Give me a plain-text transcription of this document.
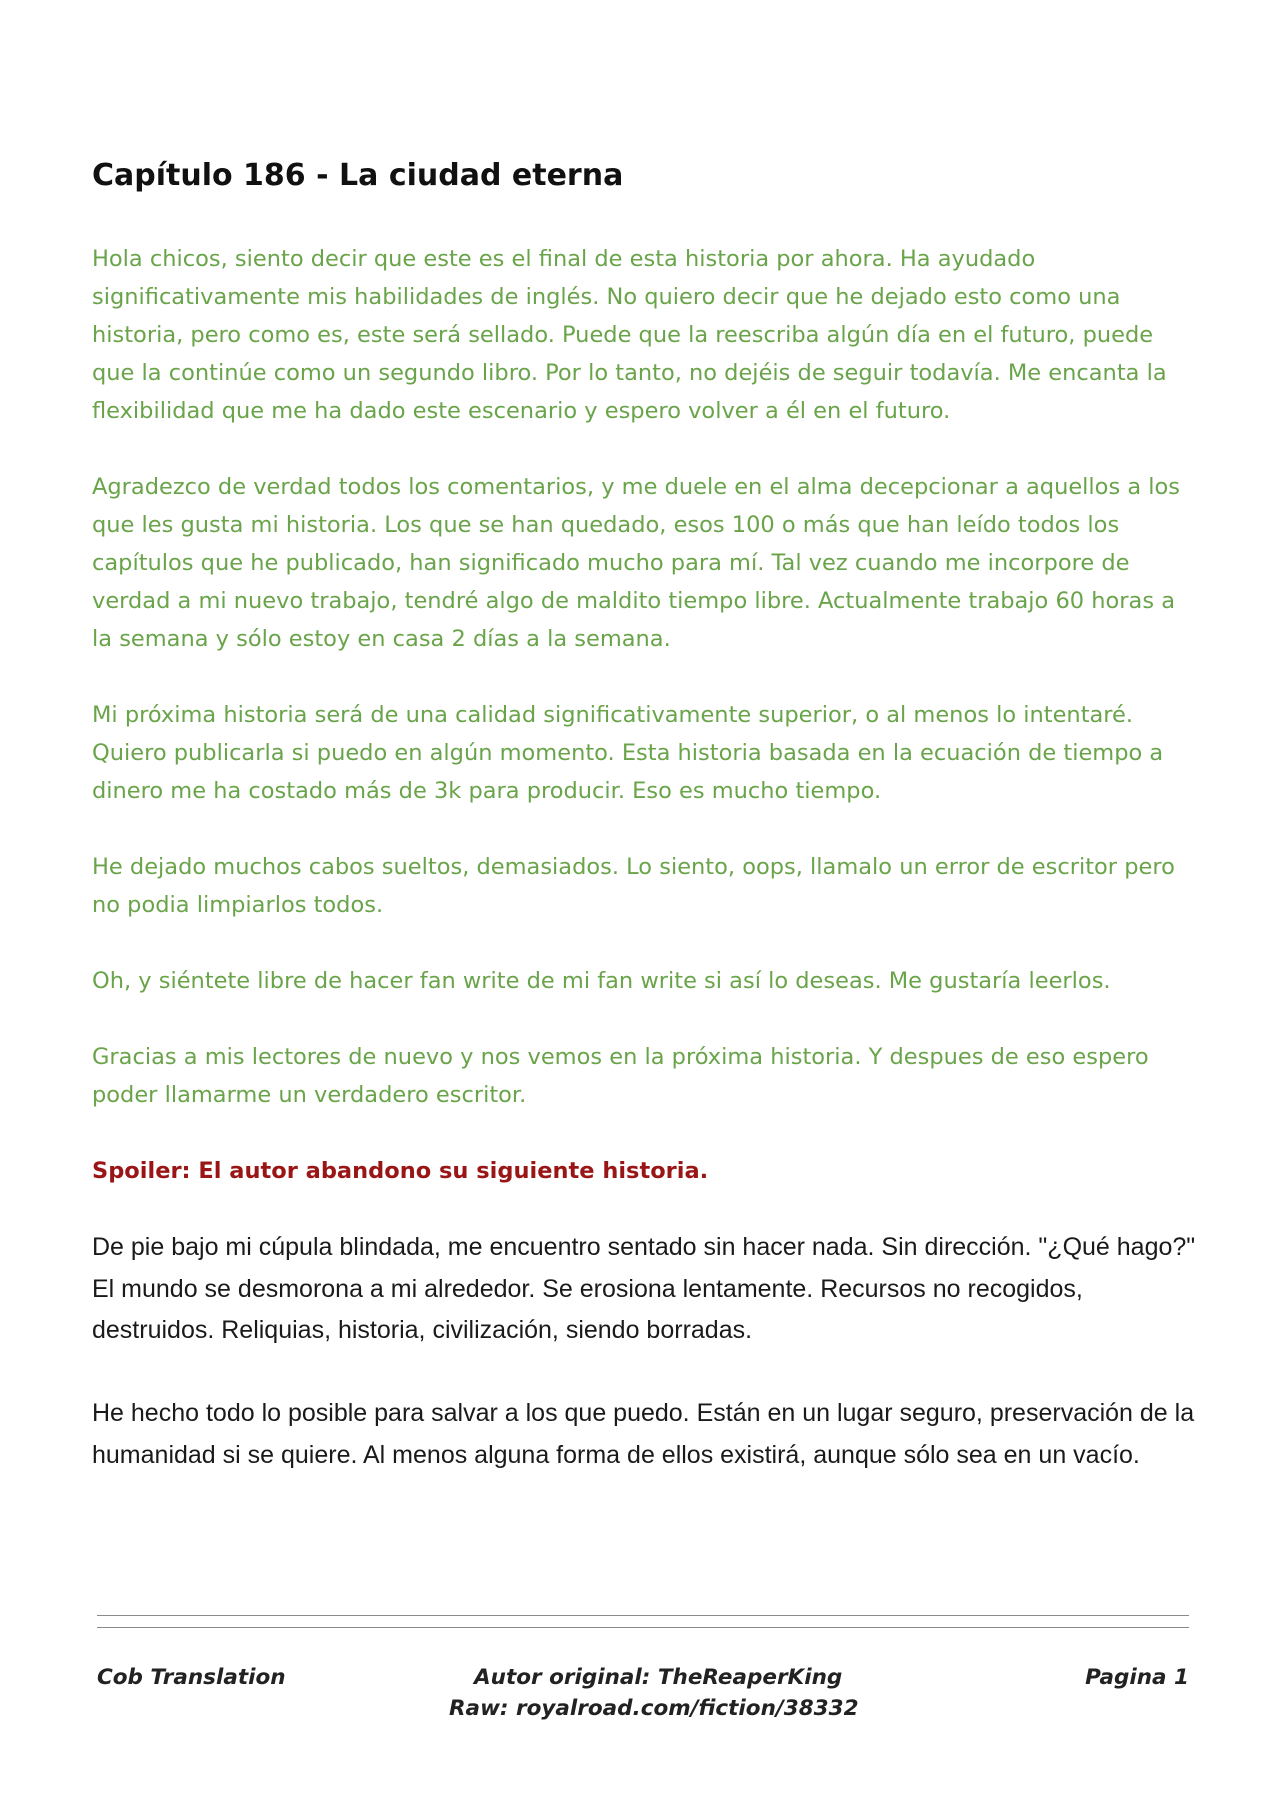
Capítulo 186 - La ciudad eterna

Hola chicos, siento decir que este es el final de esta historia por ahora. Ha ayudado significativamente mis habilidades de inglés. No quiero decir que he dejado esto como una historia, pero como es, este será sellado. Puede que la reescriba algún día en el futuro, puede que la continúe como un segundo libro. Por lo tanto, no dejéis de seguir todavía. Me encanta la flexibilidad que me ha dado este escenario y espero volver a él en el futuro.

Agradezco de verdad todos los comentarios, y me duele en el alma decepcionar a aquellos a los que les gusta mi historia. Los que se han quedado, esos 100 o más que han leído todos los capítulos que he publicado, han significado mucho para mí. Tal vez cuando me incorpore de verdad a mi nuevo trabajo, tendré algo de maldito tiempo libre. Actualmente trabajo 60 horas a la semana y sólo estoy en casa 2 días a la semana.

Mi próxima historia será de una calidad significativamente superior, o al menos lo intentaré. Quiero publicarla si puedo en algún momento. Esta historia basada en la ecuación de tiempo a dinero me ha costado más de 3k para producir. Eso es mucho tiempo.

He dejado muchos cabos sueltos, demasiados. Lo siento, oops, llamalo un error de escritor pero no podia limpiarlos todos.

Oh, y siéntete libre de hacer fan write de mi fan write si así lo deseas. Me gustaría leerlos.

Gracias a mis lectores de nuevo y nos vemos en la próxima historia. Y despues de eso espero poder llamarme un verdadero escritor.

Spoiler: El autor abandono su siguiente historia.

De pie bajo mi cúpula blindada, me encuentro sentado sin hacer nada. Sin dirección. "¿Qué hago?" El mundo se desmorona a mi alrededor. Se erosiona lentamente. Recursos no recogidos, destruidos. Reliquias, historia, civilización, siendo borradas.

He hecho todo lo posible para salvar a los que puedo. Están en un lugar seguro, preservación de la humanidad si se quiere. Al menos alguna forma de ellos existirá, aunque sólo sea en un vacío.

Cob Translation	Autor original: TheReaperKing

Raw: royalroad.com/fiction/38332

Pagina 1
